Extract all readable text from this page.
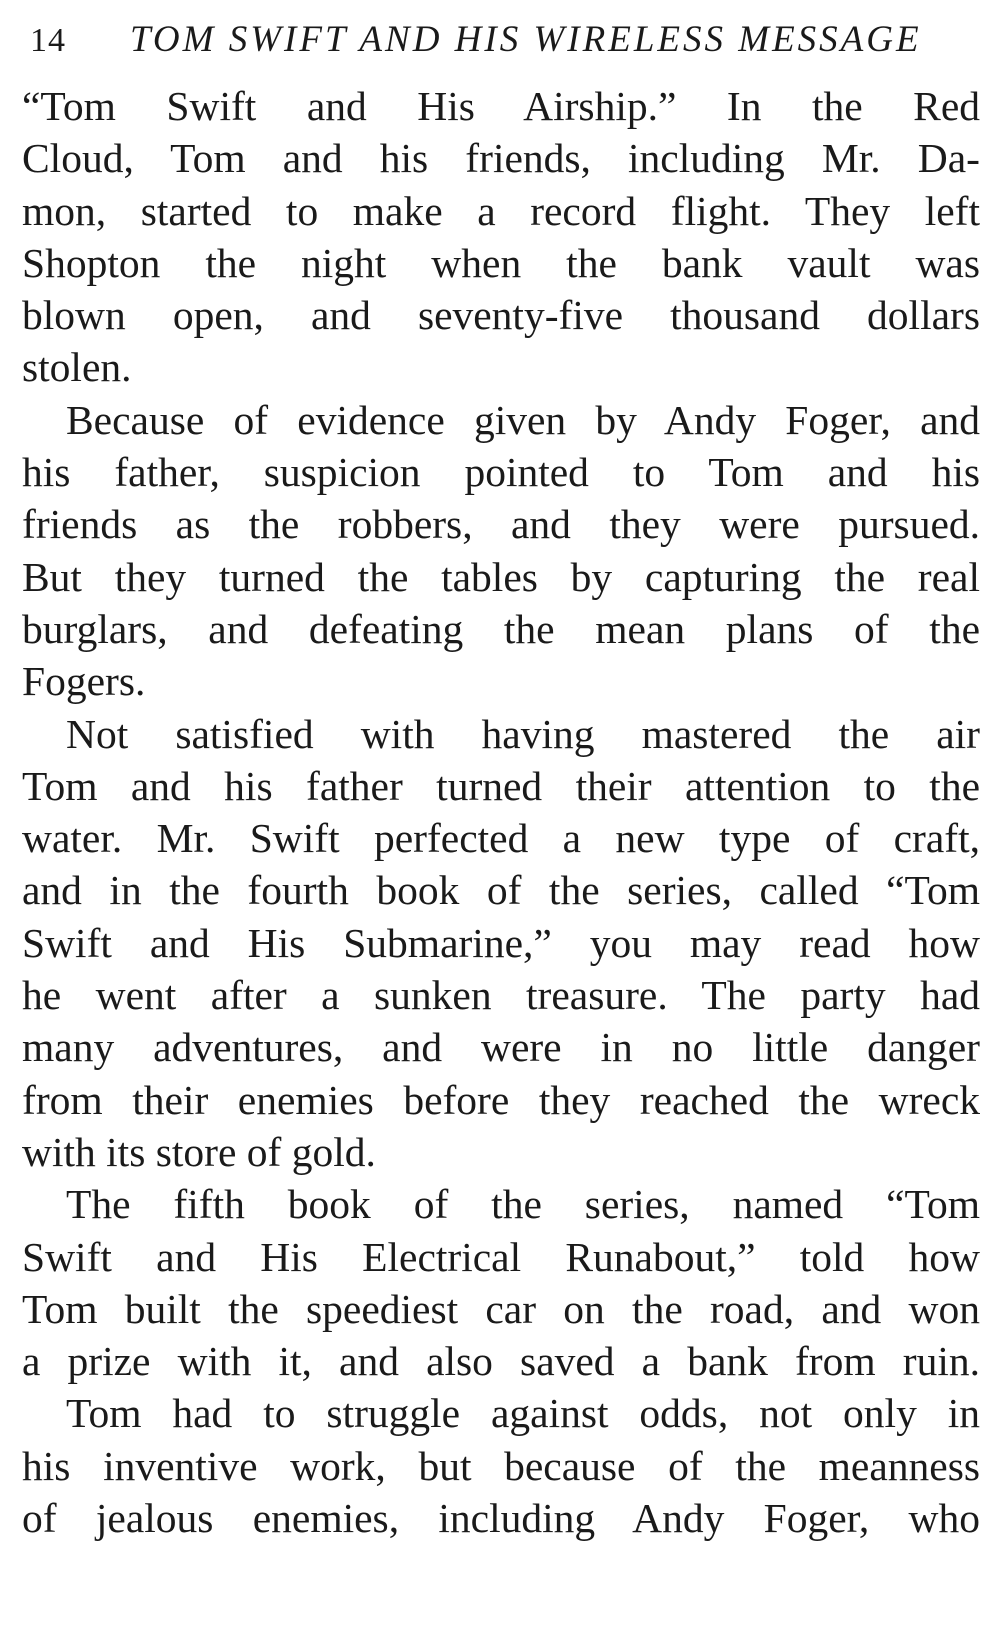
14 TOM SWIFT AND HIS WIRELESS MESSAGE

“Tom Swift and His Airship.” In the Red
Cloud, Tom and his friends, including Mr. Da-
mon, started to make a record flight. They left
Shopton the night when the bank vault was
blown open, and seventy-five thousand dollars
stolen.

Because of evidence given by Andy Foger, and
his father, suspicion pointed to Tom and his
friends as the robbers, and they were pursued.
But they turned the tables by capturing the real
burglars, and defeating the mean plans of the
Fogers.

Not satisfied with having mastered the air
Tom and his father turned their attention to the
water. Mr. Swift perfected a new type of craft,
and in the fourth book of the series, called “Tom
Swift and His Submarine,” you may read how
he went after a sunken treasure. The party had
many adventures, and were in no little danger
from their enemies before they reached the wreck
with its store of gold.

The fifth book of the series, named “Tom
Swift and His Electrical Runabout,” told how
Tom built the speediest car on the road, and won
a prize with it, and also saved a bank from ruin.

Tom had to struggle against odds, not only in
his inventive work, but because of the meanness
of jealous enemies, including Andy Foger, who
